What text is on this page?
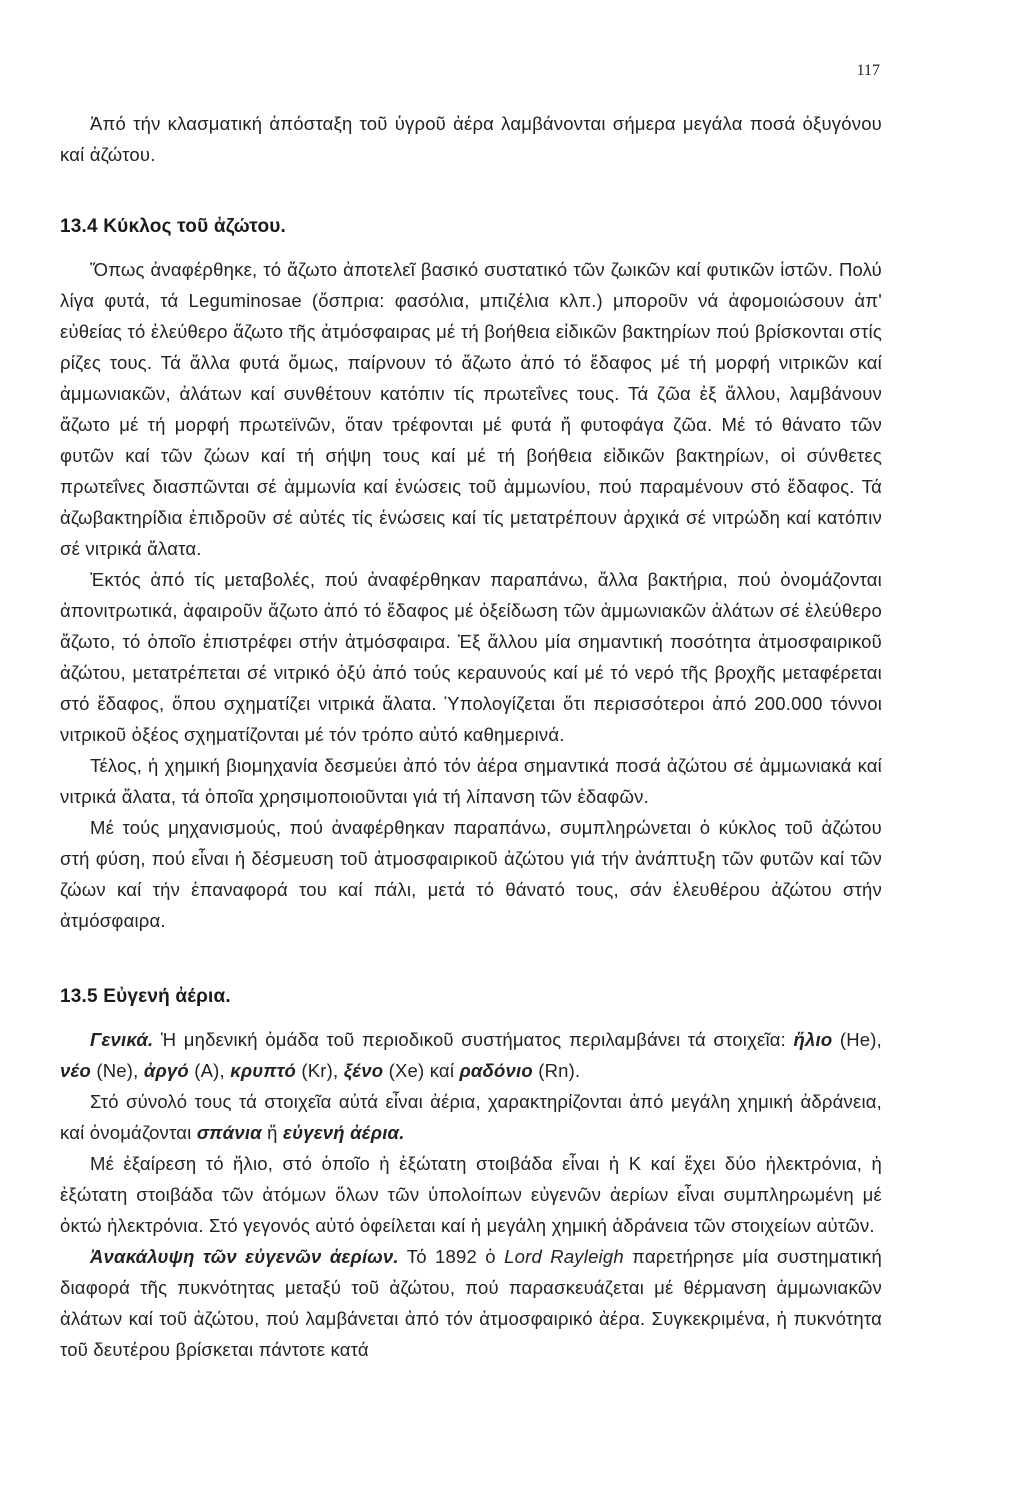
117

Ἀπό τήν κλασματική ἀπόσταξη τοῦ ὑγροῦ ἀέρα λαμβάνονται σήμερα μεγάλα ποσά ὀξυγόνου καί ἀζώτου.

13.4 Κύκλος τοῦ ἀζώτου.

Ὅπως ἀναφέρθηκε, τό ἄζωτο ἀποτελεῖ βασικό συστατικό τῶν ζωικῶν καί φυτικῶν ἱστῶν. Πολύ λίγα φυτά, τά Leguminosae (ὄσπρια: φασόλια, μπιζέλια κλπ.) μποροῦν νά ἀφομοιώσουν ἀπ' εὐθείας τό ἐλεύθερο ἄζωτο τῆς ἀτμόσφαιρας μέ τή βοήθεια εἰδικῶν βακτηρίων πού βρίσκονται στίς ρίζες τους. Τά ἄλλα φυτά ὅμως, παίρνουν τό ἄζωτο ἀπό τό ἔδαφος μέ τή μορφή νιτρικῶν καί ἀμμωνιακῶν, ἀλάτων καί συνθέτουν κατόπιν τίς πρωτεΐνες τους. Τά ζῶα ἐξ ἄλλου, λαμβάνουν ἄζωτο μέ τή μορφή πρωτεϊνῶν, ὅταν τρέφονται μέ φυτά ἤ φυτοφάγα ζῶα. Μέ τό θάνατο τῶν φυτῶν καί τῶν ζώων καί τή σήψη τους καί μέ τή βοήθεια εἰδικῶν βακτηρίων, οἱ σύνθετες πρωτεΐνες διασπῶνται σέ ἀμμωνία καί ἑνώσεις τοῦ ἀμμωνίου, πού παραμένουν στό ἔδαφος. Τά ἀζωβακτηρίδια ἐπιδροῦν σέ αὐτές τίς ἑνώσεις καί τίς μετατρέπουν ἀρχικά σέ νιτρώδη καί κατόπιν σέ νιτρικά ἄλατα.

Ἐκτός ἀπό τίς μεταβολές, πού ἀναφέρθηκαν παραπάνω, ἄλλα βακτήρια, πού ὀνομάζονται ἀπονιτρωτικά, ἀφαιροῦν ἄζωτο ἀπό τό ἔδαφος μέ ὀξείδωση τῶν ἀμμωνιακῶν ἀλάτων σέ ἐλεύθερο ἄζωτο, τό ὁποῖο ἐπιστρέφει στήν ἀτμόσφαιρα. Ἐξ ἄλλου μία σημαντική ποσότητα ἀτμοσφαιρικοῦ ἀζώτου, μετατρέπεται σέ νιτρικό ὀξύ ἀπό τούς κεραυνούς καί μέ τό νερό τῆς βροχῆς μεταφέρεται στό ἔδαφος, ὅπου σχηματίζει νιτρικά ἄλατα. Ὑπολογίζεται ὅτι περισσότεροι ἀπό 200.000 τόννοι νιτρικοῦ ὀξέος σχηματίζονται μέ τόν τρόπο αὐτό καθημερινά.

Τέλος, ἡ χημική βιομηχανία δεσμεύει ἀπό τόν ἀέρα σημαντικά ποσά ἀζώτου σέ ἀμμωνιακά καί νιτρικά ἄλατα, τά ὁποῖα χρησιμοποιοῦνται γιά τή λίπανση τῶν ἐδαφῶν.

Μέ τούς μηχανισμούς, πού ἀναφέρθηκαν παραπάνω, συμπληρώνεται ὁ κύκλος τοῦ ἀζώτου στή φύση, πού εἶναι ἡ δέσμευση τοῦ ἀτμοσφαιρικοῦ ἀζώτου γιά τήν ἀνάπτυξη τῶν φυτῶν καί τῶν ζώων καί τήν ἐπαναφορά του καί πάλι, μετά τό θάνατό τους, σάν ἐλευθέρου ἀζώτου στήν ἀτμόσφαιρα.

13.5 Εὐγενή ἀέρια.

Γενικά. Ἡ μηδενική ὁμάδα τοῦ περιοδικοῦ συστήματος περιλαμβάνει τά στοιχεῖα: ἥλιο (He), νέο (Ne), ἀργό (A), κρυπτό (Kr), ξένο (Xe) καί ραδόνιο (Rn).

Στό σύνολό τους τά στοιχεῖα αὐτά εἶναι ἀέρια, χαρακτηρίζονται ἀπό μεγάλη χημική ἀδράνεια, καί ὀνομάζονται σπάνια ἤ εὐγενή ἀέρια.

Μέ ἐξαίρεση τό ἥλιο, στό ὁποῖο ἡ ἐξώτατη στοιβάδα εἶναι ἡ Κ καί ἔχει δύο ἠλεκτρόνια, ἡ ἐξώτατη στοιβάδα τῶν ἀτόμων ὅλων τῶν ὑπολοίπων εὐγενῶν ἀερίων εἶναι συμπληρωμένη μέ ὀκτώ ἠλεκτρόνια. Στό γεγονός αὐτό ὀφείλεται καί ἡ μεγάλη χημική ἀδράνεια τῶν στοιχείων αὐτῶν.

Ἀνακάλυψη τῶν εὐγενῶν ἀερίων. Τό 1892 ὁ Lord Rayleigh παρετήρησε μία συστηματική διαφορά τῆς πυκνότητας μεταξύ τοῦ ἀζώτου, πού παρασκευάζεται μέ θέρμανση ἀμμωνιακῶν ἀλάτων καί τοῦ ἀζώτου, πού λαμβάνεται ἀπό τόν ἀτμοσφαιρικό ἀέρα. Συγκεκριμένα, ἡ πυκνότητα τοῦ δευτέρου βρίσκεται πάντοτε κατά
